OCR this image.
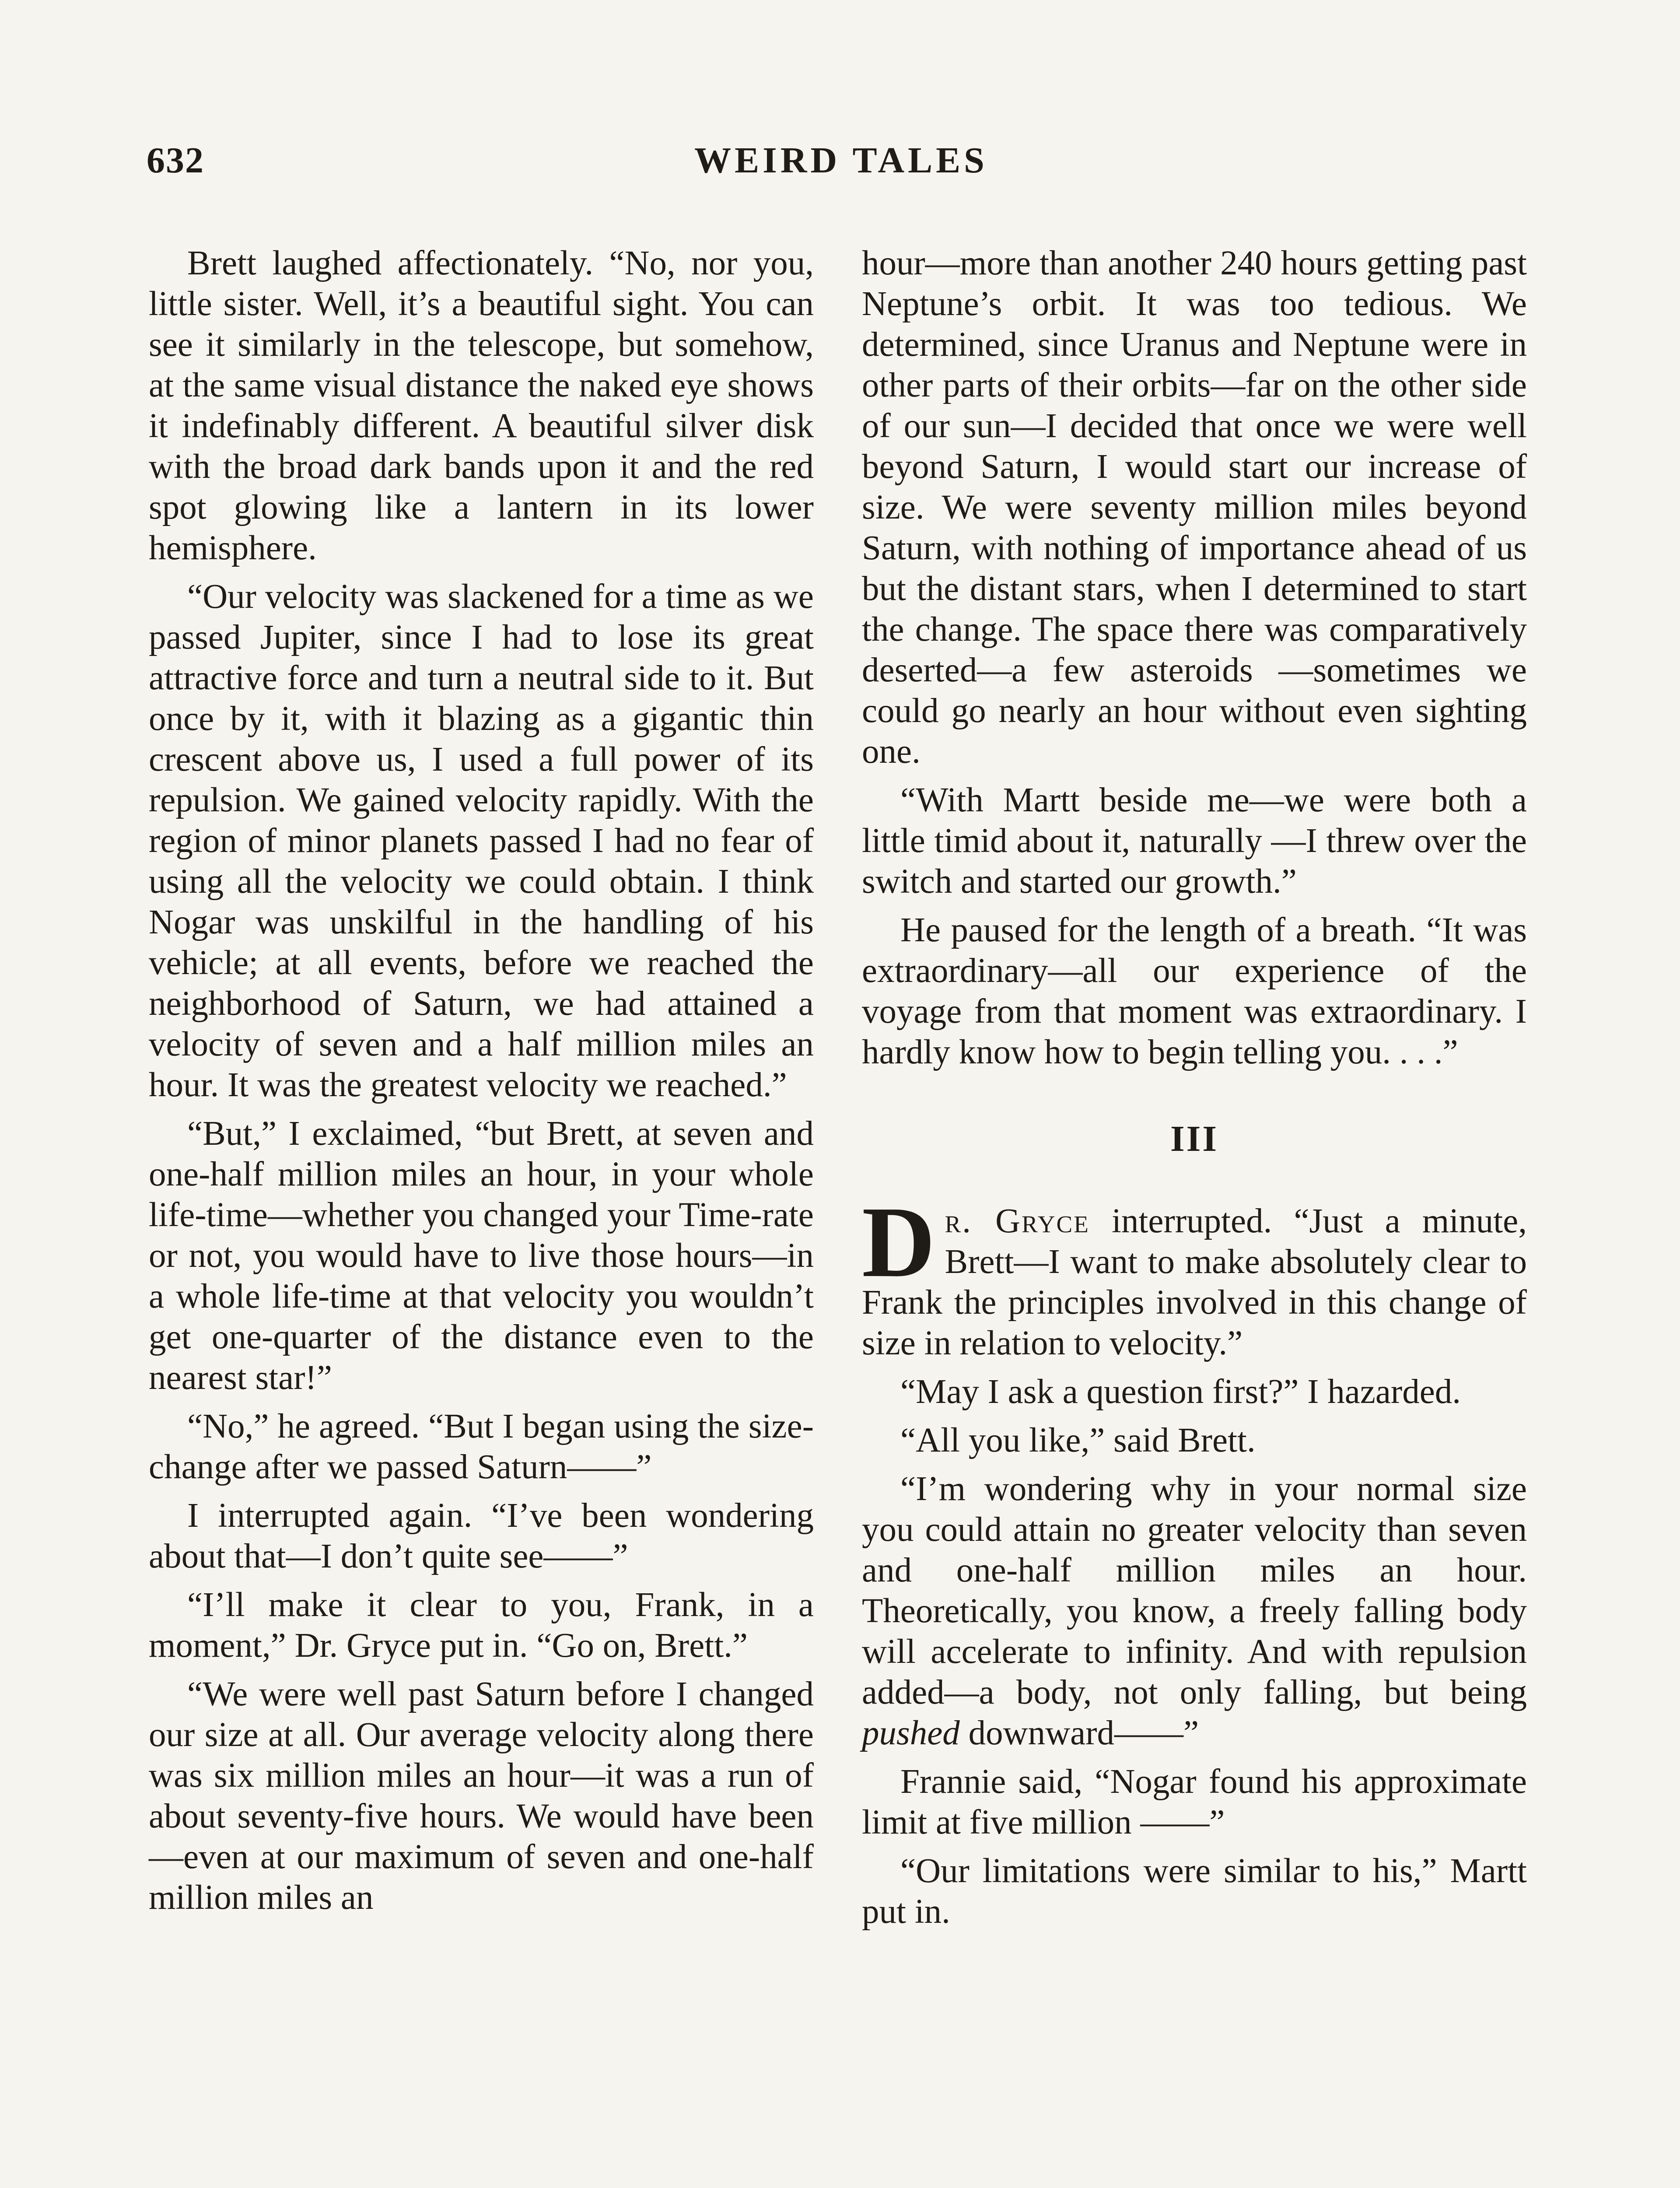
632	WEIRD TALES

Brett laughed affectionately. “No, nor you, little sister. Well, it’s a beautiful sight. You can see it similarly in the telescope, but somehow, at the same visual distance the naked eye shows it indefinably different. A beautiful silver disk with the broad dark bands upon it and the red spot glowing like a lantern in its lower hemisphere.

“Our velocity was slackened for a time as we passed Jupiter, since I had to lose its great attractive force and turn a neutral side to it. But once by it, with it blazing as a gigantic thin crescent above us, I used a full power of its repulsion. We gained velocity rapidly. With the region of minor planets passed I had no fear of using all the velocity we could obtain. I think Nogar was unskilful in the handling of his vehicle; at all events, before we reached the neighborhood of Saturn, we had attained a velocity of seven and a half million miles an hour. It was the greatest velocity we reached.”

“But,” I exclaimed, “but Brett, at seven and one-half million miles an hour, in your whole life-time—whether you changed your Time-rate or not, you would have to live those hours—in a whole life-time at that velocity you wouldn’t get one-quarter of the distance even to the nearest star!”

“No,” he agreed. “But I began using the size-change after we passed Saturn——”

I interrupted again. “I’ve been wondering about that—I don’t quite see——”

“I’ll make it clear to you, Frank, in a moment,” Dr. Gryce put in. “Go on, Brett.”

“We were well past Saturn before I changed our size at all. Our average velocity along there was six million miles an hour—it was a run of about seventy-five hours. We would have been—even at our maximum of seven and one-half million miles an

hour—more than another 240 hours getting past Neptune’s orbit. It was too tedious. We determined, since Uranus and Neptune were in other parts of their orbits—far on the other side of our sun—I decided that once we were well beyond Saturn, I would start our increase of size. We were seventy million miles beyond Saturn, with nothing of importance ahead of us but the distant stars, when I determined to start the change. The space there was comparatively deserted—a few asteroids —sometimes we could go nearly an hour without even sighting one.

“With Martt beside me—we were both a little timid about it, naturally —I threw over the switch and started our growth.”

He paused for the length of a breath. “It was extraordinary—all our experience of the voyage from that moment was extraordinary. I hardly know how to begin telling you. . . .”

III

Dr. Gryce interrupted. “Just a minute, Brett—I want to make absolutely clear to Frank the principles involved in this change of size in relation to velocity.”

“May I ask a question first?” I hazarded.

“All you like,” said Brett.

“I’m wondering why in your normal size you could attain no greater velocity than seven and one-half million miles an hour. Theoretically, you know, a freely falling body will accelerate to infinity. And with repulsion added—a body, not only falling, but being pushed downward——”

Frannie said, “Nogar found his approximate limit at five million ——”

“Our limitations were similar to his,” Martt put in.
